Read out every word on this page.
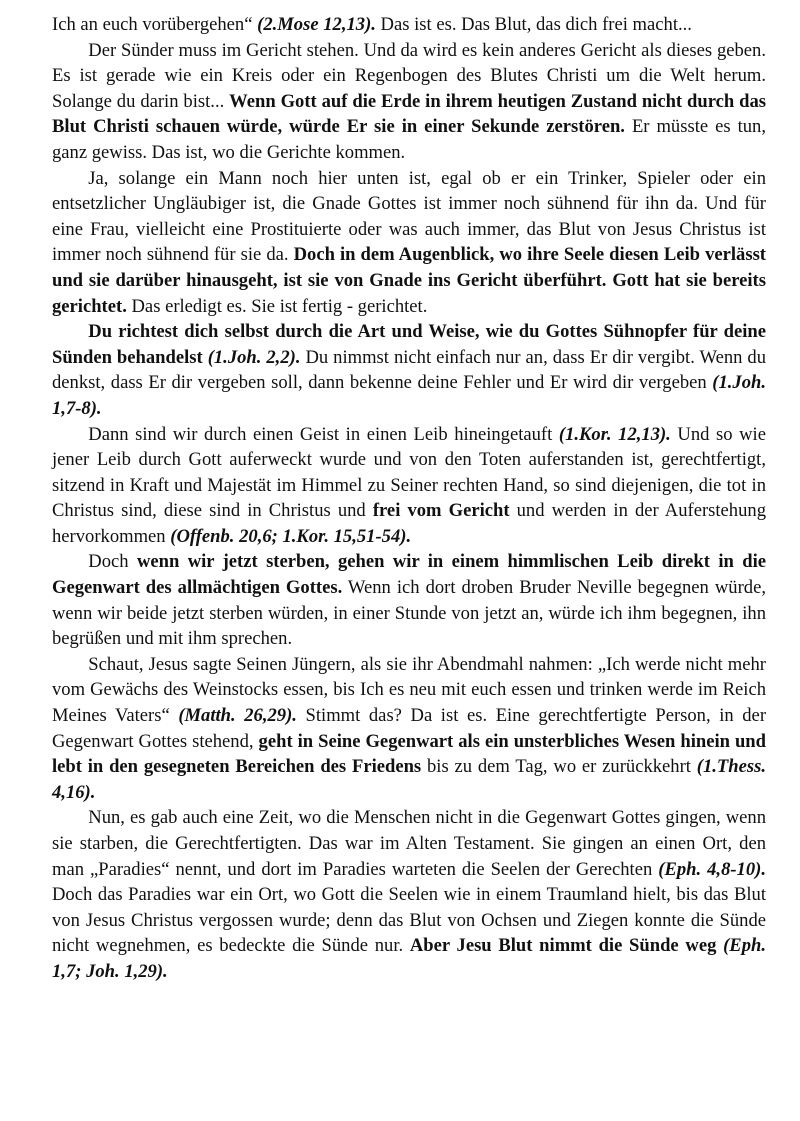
Ich an euch vorübergehen“ (2.Mose 12,13). Das ist es. Das Blut, das dich frei macht...

Der Sünder muss im Gericht stehen. Und da wird es kein anderes Gericht als dieses geben. Es ist gerade wie ein Kreis oder ein Regenbogen des Blutes Christi um die Welt herum. Solange du darin bist... Wenn Gott auf die Erde in ihrem heutigen Zustand nicht durch das Blut Christi schauen würde, würde Er sie in einer Sekunde zerstören. Er müsste es tun, ganz gewiss. Das ist, wo die Gerichte kommen.

Ja, solange ein Mann noch hier unten ist, egal ob er ein Trinker, Spieler oder ein entsetzlicher Ungläubiger ist, die Gnade Gottes ist immer noch sühnend für ihn da. Und für eine Frau, vielleicht eine Prostituierte oder was auch immer, das Blut von Jesus Christus ist immer noch sühnend für sie da. Doch in dem Augenblick, wo ihre Seele diesen Leib verlässt und sie darüber hinausgeht, ist sie von Gnade ins Gericht überführt. Gott hat sie bereits gerichtet. Das erledigt es. Sie ist fertig - gerichtet.

Du richtest dich selbst durch die Art und Weise, wie du Gottes Sühnopfer für deine Sünden behandelst (1.Joh. 2,2). Du nimmst nicht einfach nur an, dass Er dir vergibt. Wenn du denkst, dass Er dir vergeben soll, dann bekenne deine Fehler und Er wird dir vergeben (1.Joh. 1,7-8).

Dann sind wir durch einen Geist in einen Leib hineingetauft (1.Kor. 12,13). Und so wie jener Leib durch Gott auferweckt wurde und von den Toten auferstanden ist, gerechtfertigt, sitzend in Kraft und Majestät im Himmel zu Seiner rechten Hand, so sind diejenigen, die tot in Christus sind, diese sind in Christus und frei vom Gericht und werden in der Auferstehung hervorkommen (Offenb. 20,6; 1.Kor. 15,51-54).

Doch wenn wir jetzt sterben, gehen wir in einem himmlischen Leib direkt in die Gegenwart des allmächtigen Gottes. Wenn ich dort droben Bruder Neville begegnen würde, wenn wir beide jetzt sterben würden, in einer Stunde von jetzt an, würde ich ihm begegnen, ihn begrüßen und mit ihm sprechen.

Schaut, Jesus sagte Seinen Jüngern, als sie ihr Abendmahl nahmen: „Ich werde nicht mehr vom Gewächs des Weinstocks essen, bis Ich es neu mit euch essen und trinken werde im Reich Meines Vaters“ (Matth. 26,29). Stimmt das? Da ist es. Eine gerechtfertigte Person, in der Gegenwart Gottes stehend, geht in Seine Gegenwart als ein unsterbliches Wesen hinein und lebt in den gesegneten Bereichen des Friedens bis zu dem Tag, wo er zurückkehrt (1.Thess. 4,16).

Nun, es gab auch eine Zeit, wo die Menschen nicht in die Gegenwart Gottes gingen, wenn sie starben, die Gerechtfertigten. Das war im Alten Testament. Sie gingen an einen Ort, den man „Paradies“ nennt, und dort im Paradies warteten die Seelen der Gerechten (Eph. 4,8-10). Doch das Paradies war ein Ort, wo Gott die Seelen wie in einem Traumland hielt, bis das Blut von Jesus Christus vergossen wurde; denn das Blut von Ochsen und Ziegen konnte die Sünde nicht wegnehmen, es bedeckte die Sünde nur. Aber Jesu Blut nimmt die Sünde weg (Eph. 1,7; Joh. 1,29).
